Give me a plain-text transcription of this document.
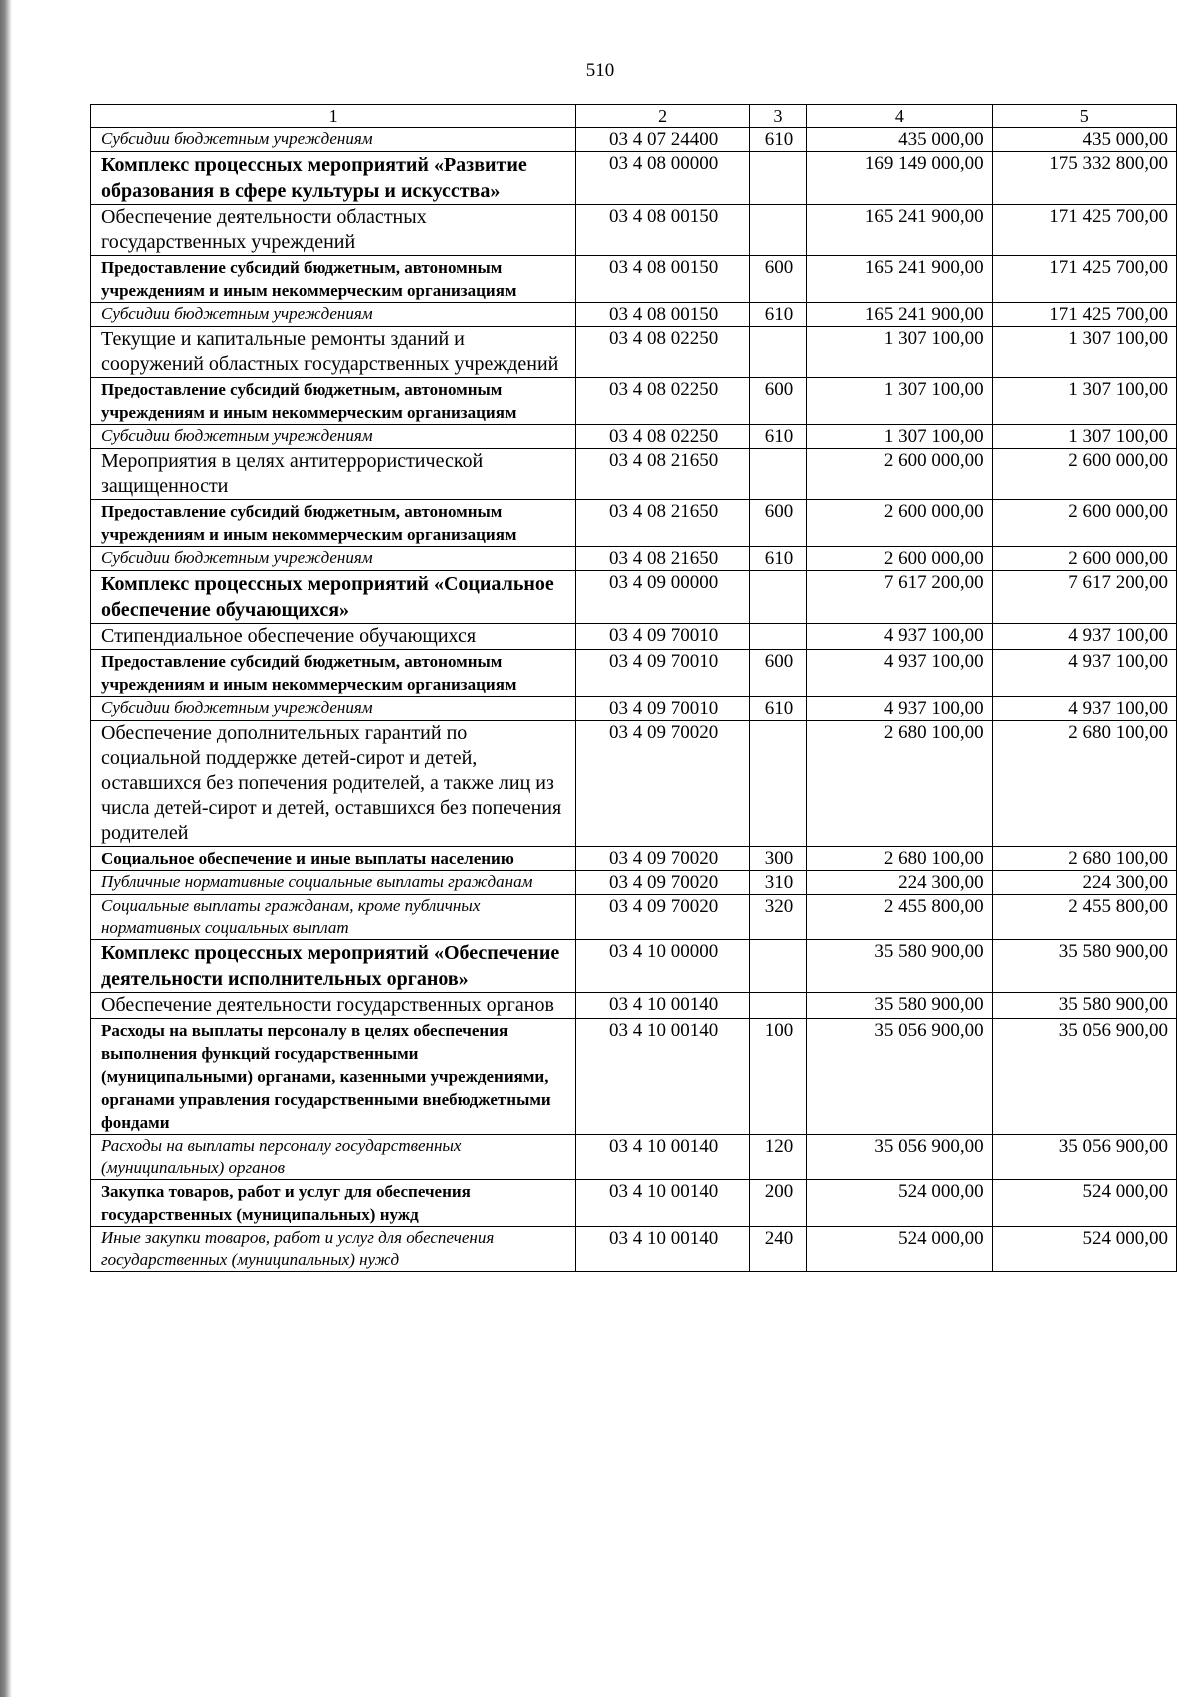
510
1	2	3	4	5
Субсидии бюджетным учреждениям	03 4 07 24400	610	435 000,00	435 000,00
Комплекс процессных мероприятий «Развитие образования в сфере культуры и искусства»	03 4 08 00000		169 149 000,00	175 332 800,00
Обеспечение деятельности областных государственных учреждений	03 4 08 00150		165 241 900,00	171 425 700,00
Предоставление субсидий бюджетным, автономным учреждениям и иным некоммерческим организациям	03 4 08 00150	600	165 241 900,00	171 425 700,00
Субсидии бюджетным учреждениям	03 4 08 00150	610	165 241 900,00	171 425 700,00
Текущие и капитальные ремонты зданий и сооружений областных государственных учреждений	03 4 08 02250		1 307 100,00	1 307 100,00
Предоставление субсидий бюджетным, автономным учреждениям и иным некоммерческим организациям	03 4 08 02250	600	1 307 100,00	1 307 100,00
Субсидии бюджетным учреждениям	03 4 08 02250	610	1 307 100,00	1 307 100,00
Мероприятия в целях антитеррористической защищенности	03 4 08 21650		2 600 000,00	2 600 000,00
Предоставление субсидий бюджетным, автономным учреждениям и иным некоммерческим организациям	03 4 08 21650	600	2 600 000,00	2 600 000,00
Субсидии бюджетным учреждениям	03 4 08 21650	610	2 600 000,00	2 600 000,00
Комплекс процессных мероприятий «Социальное обеспечение обучающихся»	03 4 09 00000		7 617 200,00	7 617 200,00
Стипендиальное обеспечение обучающихся	03 4 09 70010		4 937 100,00	4 937 100,00
Предоставление субсидий бюджетным, автономным учреждениям и иным некоммерческим организациям	03 4 09 70010	600	4 937 100,00	4 937 100,00
Субсидии бюджетным учреждениям	03 4 09 70010	610	4 937 100,00	4 937 100,00
Обеспечение дополнительных гарантий по социальной поддержке детей-сирот и детей, оставшихся без попечения родителей, а также лиц из числа детей-сирот и детей, оставшихся без попечения родителей	03 4 09 70020		2 680 100,00	2 680 100,00
Социальное обеспечение и иные выплаты населению	03 4 09 70020	300	2 680 100,00	2 680 100,00
Публичные нормативные социальные выплаты гражданам	03 4 09 70020	310	224 300,00	224 300,00
Социальные выплаты гражданам, кроме публичных нормативных социальных выплат	03 4 09 70020	320	2 455 800,00	2 455 800,00
Комплекс процессных мероприятий «Обеспечение деятельности исполнительных органов»	03 4 10 00000		35 580 900,00	35 580 900,00
Обеспечение деятельности государственных органов	03 4 10 00140		35 580 900,00	35 580 900,00
Расходы на выплаты персоналу в целях обеспечения выполнения функций государственными (муниципальными) органами, казенными учреждениями, органами управления государственными внебюджетными фондами	03 4 10 00140	100	35 056 900,00	35 056 900,00
Расходы на выплаты персоналу государственных (муниципальных) органов	03 4 10 00140	120	35 056 900,00	35 056 900,00
Закупка товаров, работ и услуг для обеспечения государственных (муниципальных) нужд	03 4 10 00140	200	524 000,00	524 000,00
Иные закупки товаров, работ и услуг для обеспечения государственных (муниципальных) нужд	03 4 10 00140	240	524 000,00	524 000,00
